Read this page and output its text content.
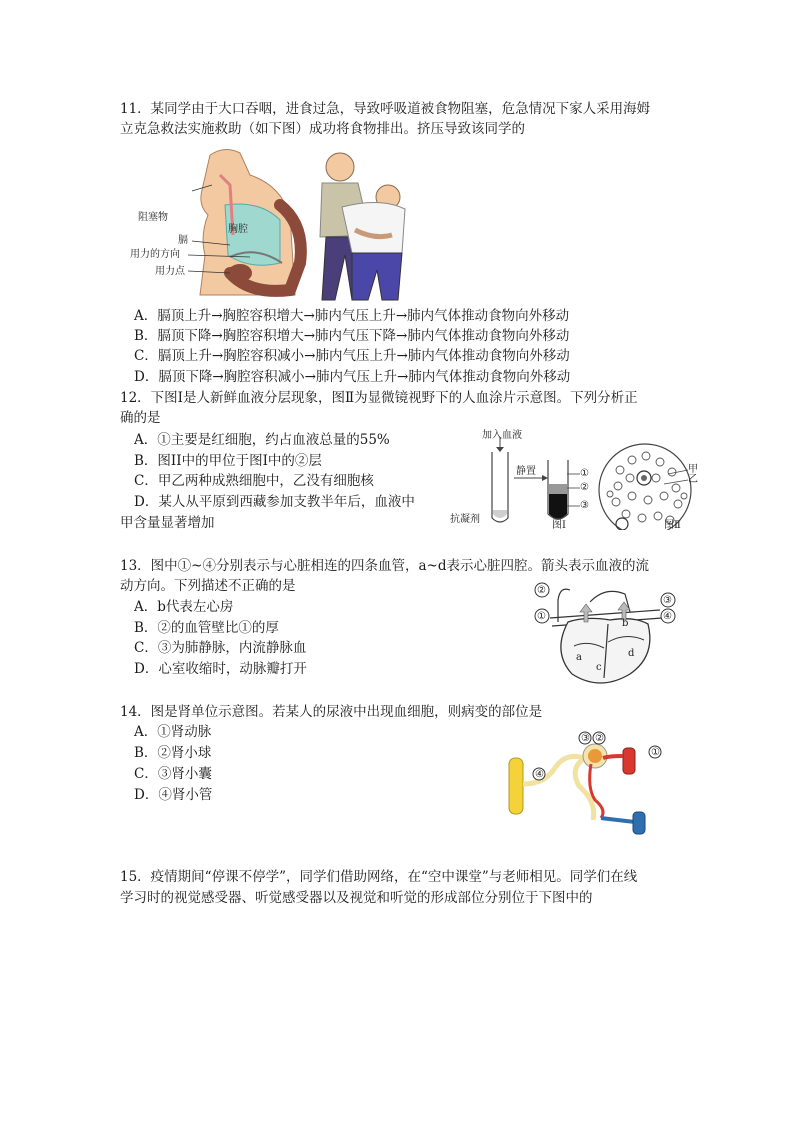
11．某同学由于大口吞咽，进食过急，导致呼吸道被食物阻塞，危急情况下家人采用海姆
立克急救法实施救助（如下图）成功将食物排出。挤压导致该同学的
阻塞物
胸腔
膈
用力的方向
用力点
A．膈顶上升→胸腔容积增大→肺内气压上升→肺内气体推动食物向外移动
B．膈顶下降→胸腔容积增大→肺内气压下降→肺内气体推动食物向外移动
C．膈顶上升→胸腔容积减小→肺内气压上升→肺内气体推动食物向外移动
D．膈顶下降→胸腔容积减小→肺内气压上升→肺内气体推动食物向外移动
12．下图Ⅰ是人新鲜血液分层现象，图Ⅱ为显微镜视野下的人血涂片示意图。下列分析正
确的是
A．①主要是红细胞，约占血液总量的55%
B．图II中的甲位于图Ⅰ中的②层
C．甲乙两种成熟细胞中，乙没有细胞核
D．某人从平原到西藏参加支教半年后，血液中
甲含量显著增加
加入血液
静置
抗凝剂
①
②
③
图Ⅰ	图Ⅱ
甲
乙
13．图中①~④分别表示与心脏相连的四条血管，a~d表示心脏四腔。箭头表示血液的流
动方向。下列描述不正确的是
A．b代表左心房
B．②的血管壁比①的厚
C．③为肺静脉，内流静脉血
D．心室收缩时，动脉瓣打开
②
①
③
④
a
b
c
d
14．图是肾单位示意图。若某人的尿液中出现血细胞，则病变的部位是
A．①肾动脉
B．②肾小球
C．③肾小囊
D．④肾小管
③ ②
①
④
15．疫情期间“停课不停学”，同学们借助网络，在“空中课堂”与老师相见。同学们在线
学习时的视觉感受器、听觉感受器以及视觉和听觉的形成部位分别位于下图中的
